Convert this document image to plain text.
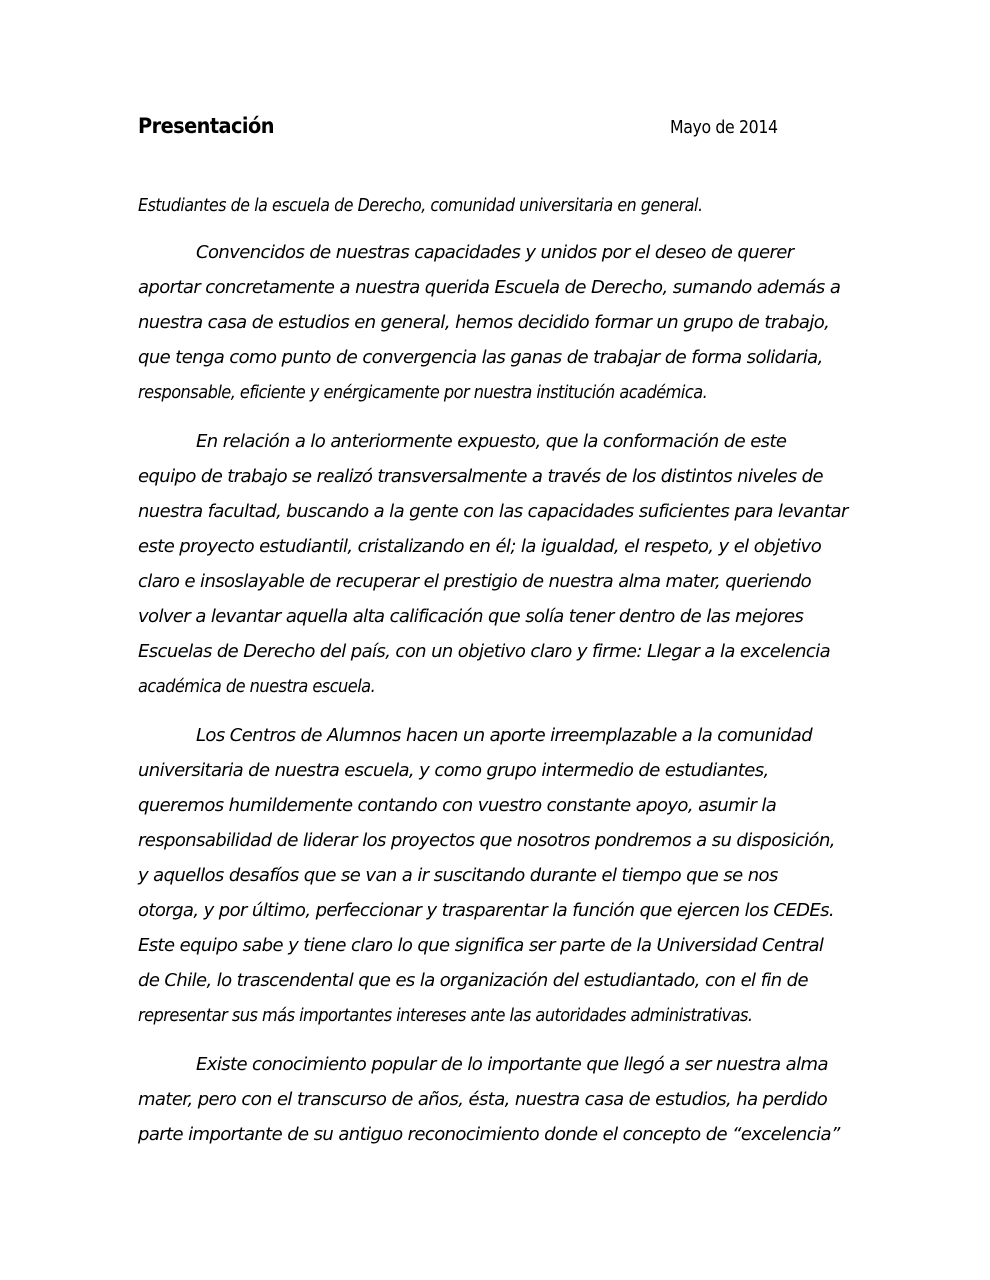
Presentación	Mayo de 2014
Estudiantes de la escuela de Derecho, comunidad universitaria en general.
Convencidos de nuestras capacidades y unidos por el deseo de querer
aportar concretamente a nuestra querida Escuela de Derecho, sumando además a
nuestra casa de estudios en general, hemos decidido formar un grupo de trabajo,
que tenga como punto de convergencia las ganas de trabajar de forma solidaria,
responsable, eficiente y enérgicamente por nuestra institución académica.
En relación a lo anteriormente expuesto, que la conformación de este
equipo de trabajo se realizó transversalmente a través de los distintos niveles de
nuestra facultad, buscando a la gente con las capacidades suficientes para levantar
este proyecto estudiantil, cristalizando en él; la igualdad, el respeto, y el objetivo
claro e insoslayable de recuperar el prestigio de nuestra alma mater, queriendo
volver a levantar aquella alta calificación que solía tener dentro de las mejores
Escuelas de Derecho del país, con un objetivo claro y firme: Llegar a la excelencia
académica de nuestra escuela.
Los Centros de Alumnos hacen un aporte irreemplazable a la comunidad
universitaria de nuestra escuela, y como grupo intermedio de estudiantes,
queremos humildemente contando con vuestro constante apoyo, asumir la
responsabilidad de liderar los proyectos que nosotros pondremos a su disposición,
y aquellos desafíos que se van a ir suscitando durante el tiempo que se nos
otorga, y por último, perfeccionar y trasparentar la función que ejercen los CEDEs.
Este equipo sabe y tiene claro lo que significa ser parte de la Universidad Central
de Chile, lo trascendental que es la organización del estudiantado, con el fin de
representar sus más importantes intereses ante las autoridades administrativas.
Existe conocimiento popular de lo importante que llegó a ser nuestra alma
mater, pero con el transcurso de años, ésta, nuestra casa de estudios, ha perdido
parte importante de su antiguo reconocimiento donde el concepto de “excelencia”
